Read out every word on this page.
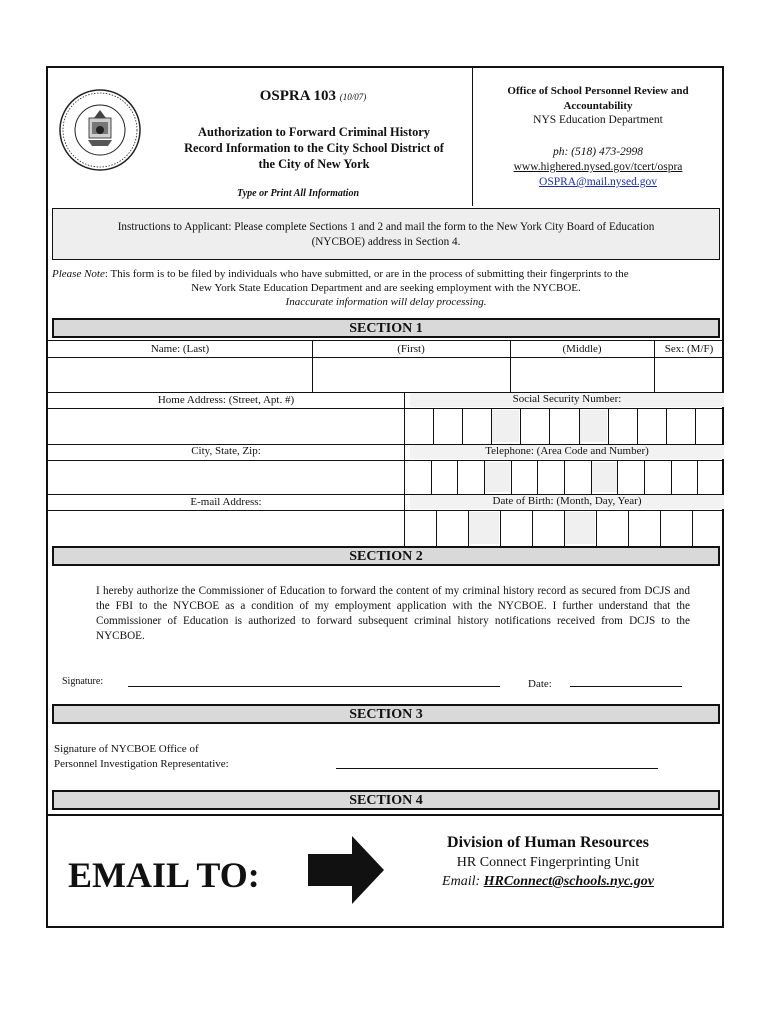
OSPRA 103 (10/07)
Authorization to Forward Criminal History
Record Information to the City School District of
the City of New York
Type or Print All Information
Office of School Personnel Review and
Accountability
NYS Education Department
ph: (518) 473-2998
www.highered.nysed.gov/tcert/ospra
OSPRA@mail.nysed.gov
Instructions to Applicant: Please complete Sections 1 and 2 and mail the form to the New York City Board of Education
(NYCBOE) address in Section 4.
Please Note: This form is to be filed by individuals who have submitted, or are in the process of submitting their fingerprints to the
New York State Education Department and are seeking employment with the NYCBOE.
Inaccurate information will delay processing.
SECTION 1
Name: (Last)	(First)	(Middle)	Sex: (M/F)
Home Address: (Street, Apt. #)	Social Security Number:
City, State, Zip:	Telephone: (Area Code and Number)
E-mail Address:	Date of Birth: (Month, Day, Year)
SECTION 2
I hereby authorize the Commissioner of Education to forward the content of my criminal history record as secured from DCJS and the FBI to the NYCBOE as a condition of my employment application with the NYCBOE. I further understand that the Commissioner of Education is authorized to forward subsequent criminal history notifications received from DCJS to the NYCBOE.
Signature:	Date:
SECTION 3
Signature of NYCBOE Office of
Personnel Investigation Representative:
SECTION 4
EMAIL TO:
Division of Human Resources
HR Connect Fingerprinting Unit
Email: HRConnect@schools.nyc.gov
